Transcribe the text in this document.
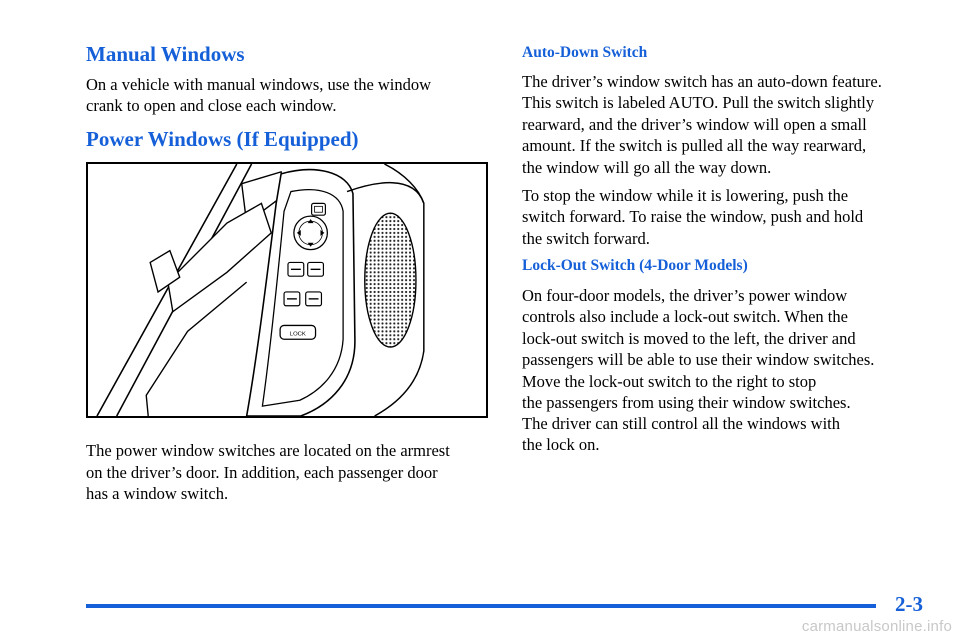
Manual Windows

On a vehicle with manual windows, use the window

crank to open and close each window.

Power Windows (If Equipped)
LOCK

The power window switches are located on the armrest

on the driver’s door. In addition, each passenger door

has a window switch.

Auto-Down Switch

The driver’s window switch has an auto-down feature.

This switch is labeled AUTO. Pull the switch slightly

rearward, and the driver’s window will open a small

amount. If the switch is pulled all the way rearward,

the window will go all the way down.

To stop the window while it is lowering, push the

switch forward. To raise the window, push and hold

the switch forward.

Lock-Out Switch (4-Door Models)

On four-door models, the driver’s power window

controls also include a lock-out switch. When the

lock-out switch is moved to the left, the driver and

passengers will be able to use their window switches.

Move the lock-out switch to the right to stop

the passengers from using their window switches.

The driver can still control all the windows with

the lock on.

2-3
carmanualsonline.info
